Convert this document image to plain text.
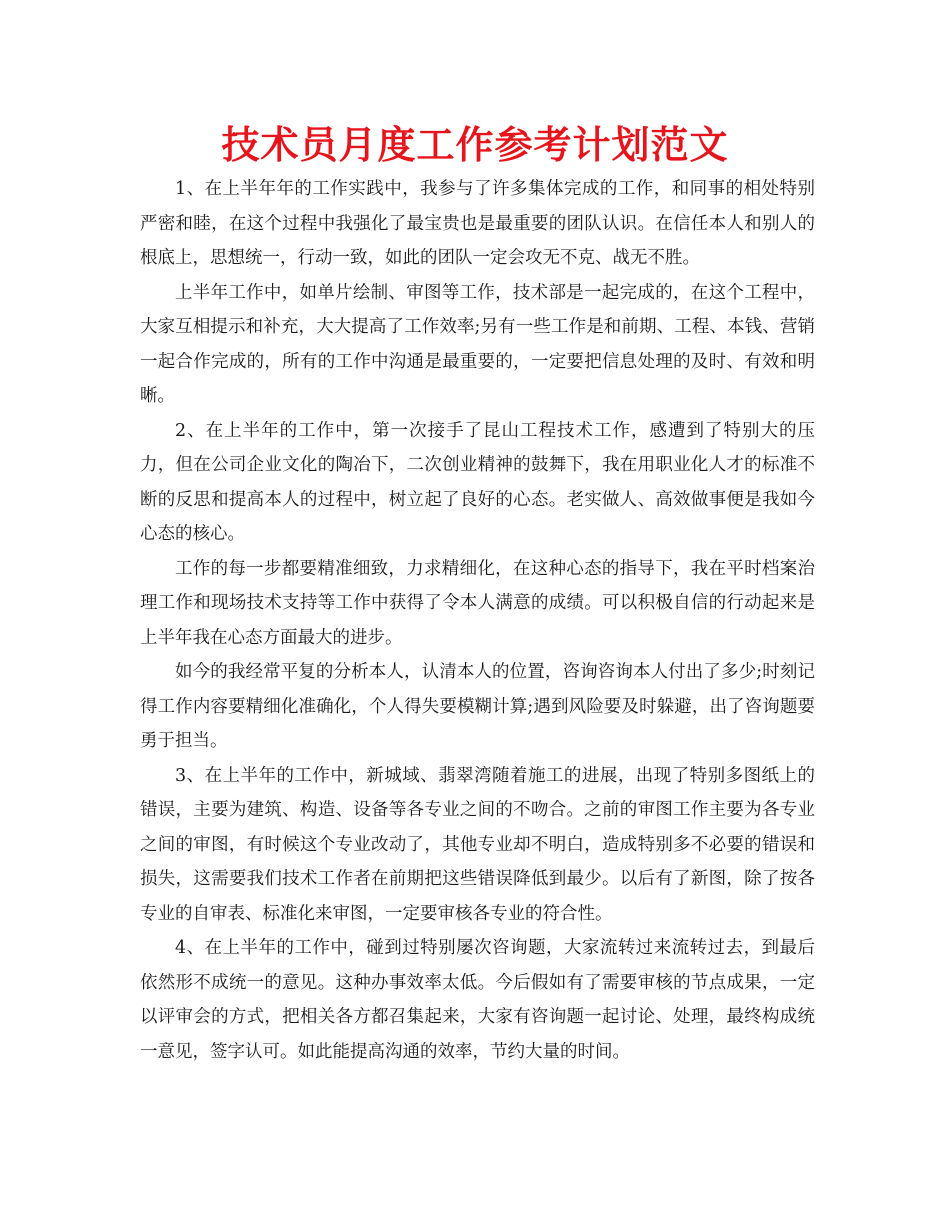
技术员月度工作参考计划范文

1、在上半年年的工作实践中，我参与了许多集体完成的工作，和同事的相处特别严密和睦，在这个过程中我强化了最宝贵也是最重要的团队认识。在信任本人和别人的根底上，思想统一，行动一致，如此的团队一定会攻无不克、战无不胜。

上半年工作中，如单片绘制、审图等工作，技术部是一起完成的，在这个工程中，大家互相提示和补充，大大提高了工作效率;另有一些工作是和前期、工程、本钱、营销一起合作完成的，所有的工作中沟通是最重要的，一定要把信息处理的及时、有效和明晰。

2、在上半年的工作中，第一次接手了昆山工程技术工作，感遭到了特别大的压力，但在公司企业文化的陶冶下，二次创业精神的鼓舞下，我在用职业化人才的标准不断的反思和提高本人的过程中，树立起了良好的心态。老实做人、高效做事便是我如今心态的核心。

工作的每一步都要精准细致，力求精细化，在这种心态的指导下，我在平时档案治理工作和现场技术支持等工作中获得了令本人满意的成绩。可以积极自信的行动起来是上半年我在心态方面最大的进步。

如今的我经常平复的分析本人，认清本人的位置，咨询咨询本人付出了多少;时刻记得工作内容要精细化准确化，个人得失要模糊计算;遇到风险要及时躲避，出了咨询题要勇于担当。

3、在上半年的工作中，新城域、翡翠湾随着施工的进展，出现了特别多图纸上的错误，主要为建筑、构造、设备等各专业之间的不吻合。之前的审图工作主要为各专业之间的审图，有时候这个专业改动了，其他专业却不明白，造成特别多不必要的错误和损失，这需要我们技术工作者在前期把这些错误降低到最少。以后有了新图，除了按各专业的自审表、标准化来审图，一定要审核各专业的符合性。

4、在上半年的工作中，碰到过特别屡次咨询题，大家流转过来流转过去，到最后依然形不成统一的意见。这种办事效率太低。今后假如有了需要审核的节点成果，一定以评审会的方式，把相关各方都召集起来，大家有咨询题一起讨论、处理，最终构成统一意见，签字认可。如此能提高沟通的效率，节约大量的时间。
